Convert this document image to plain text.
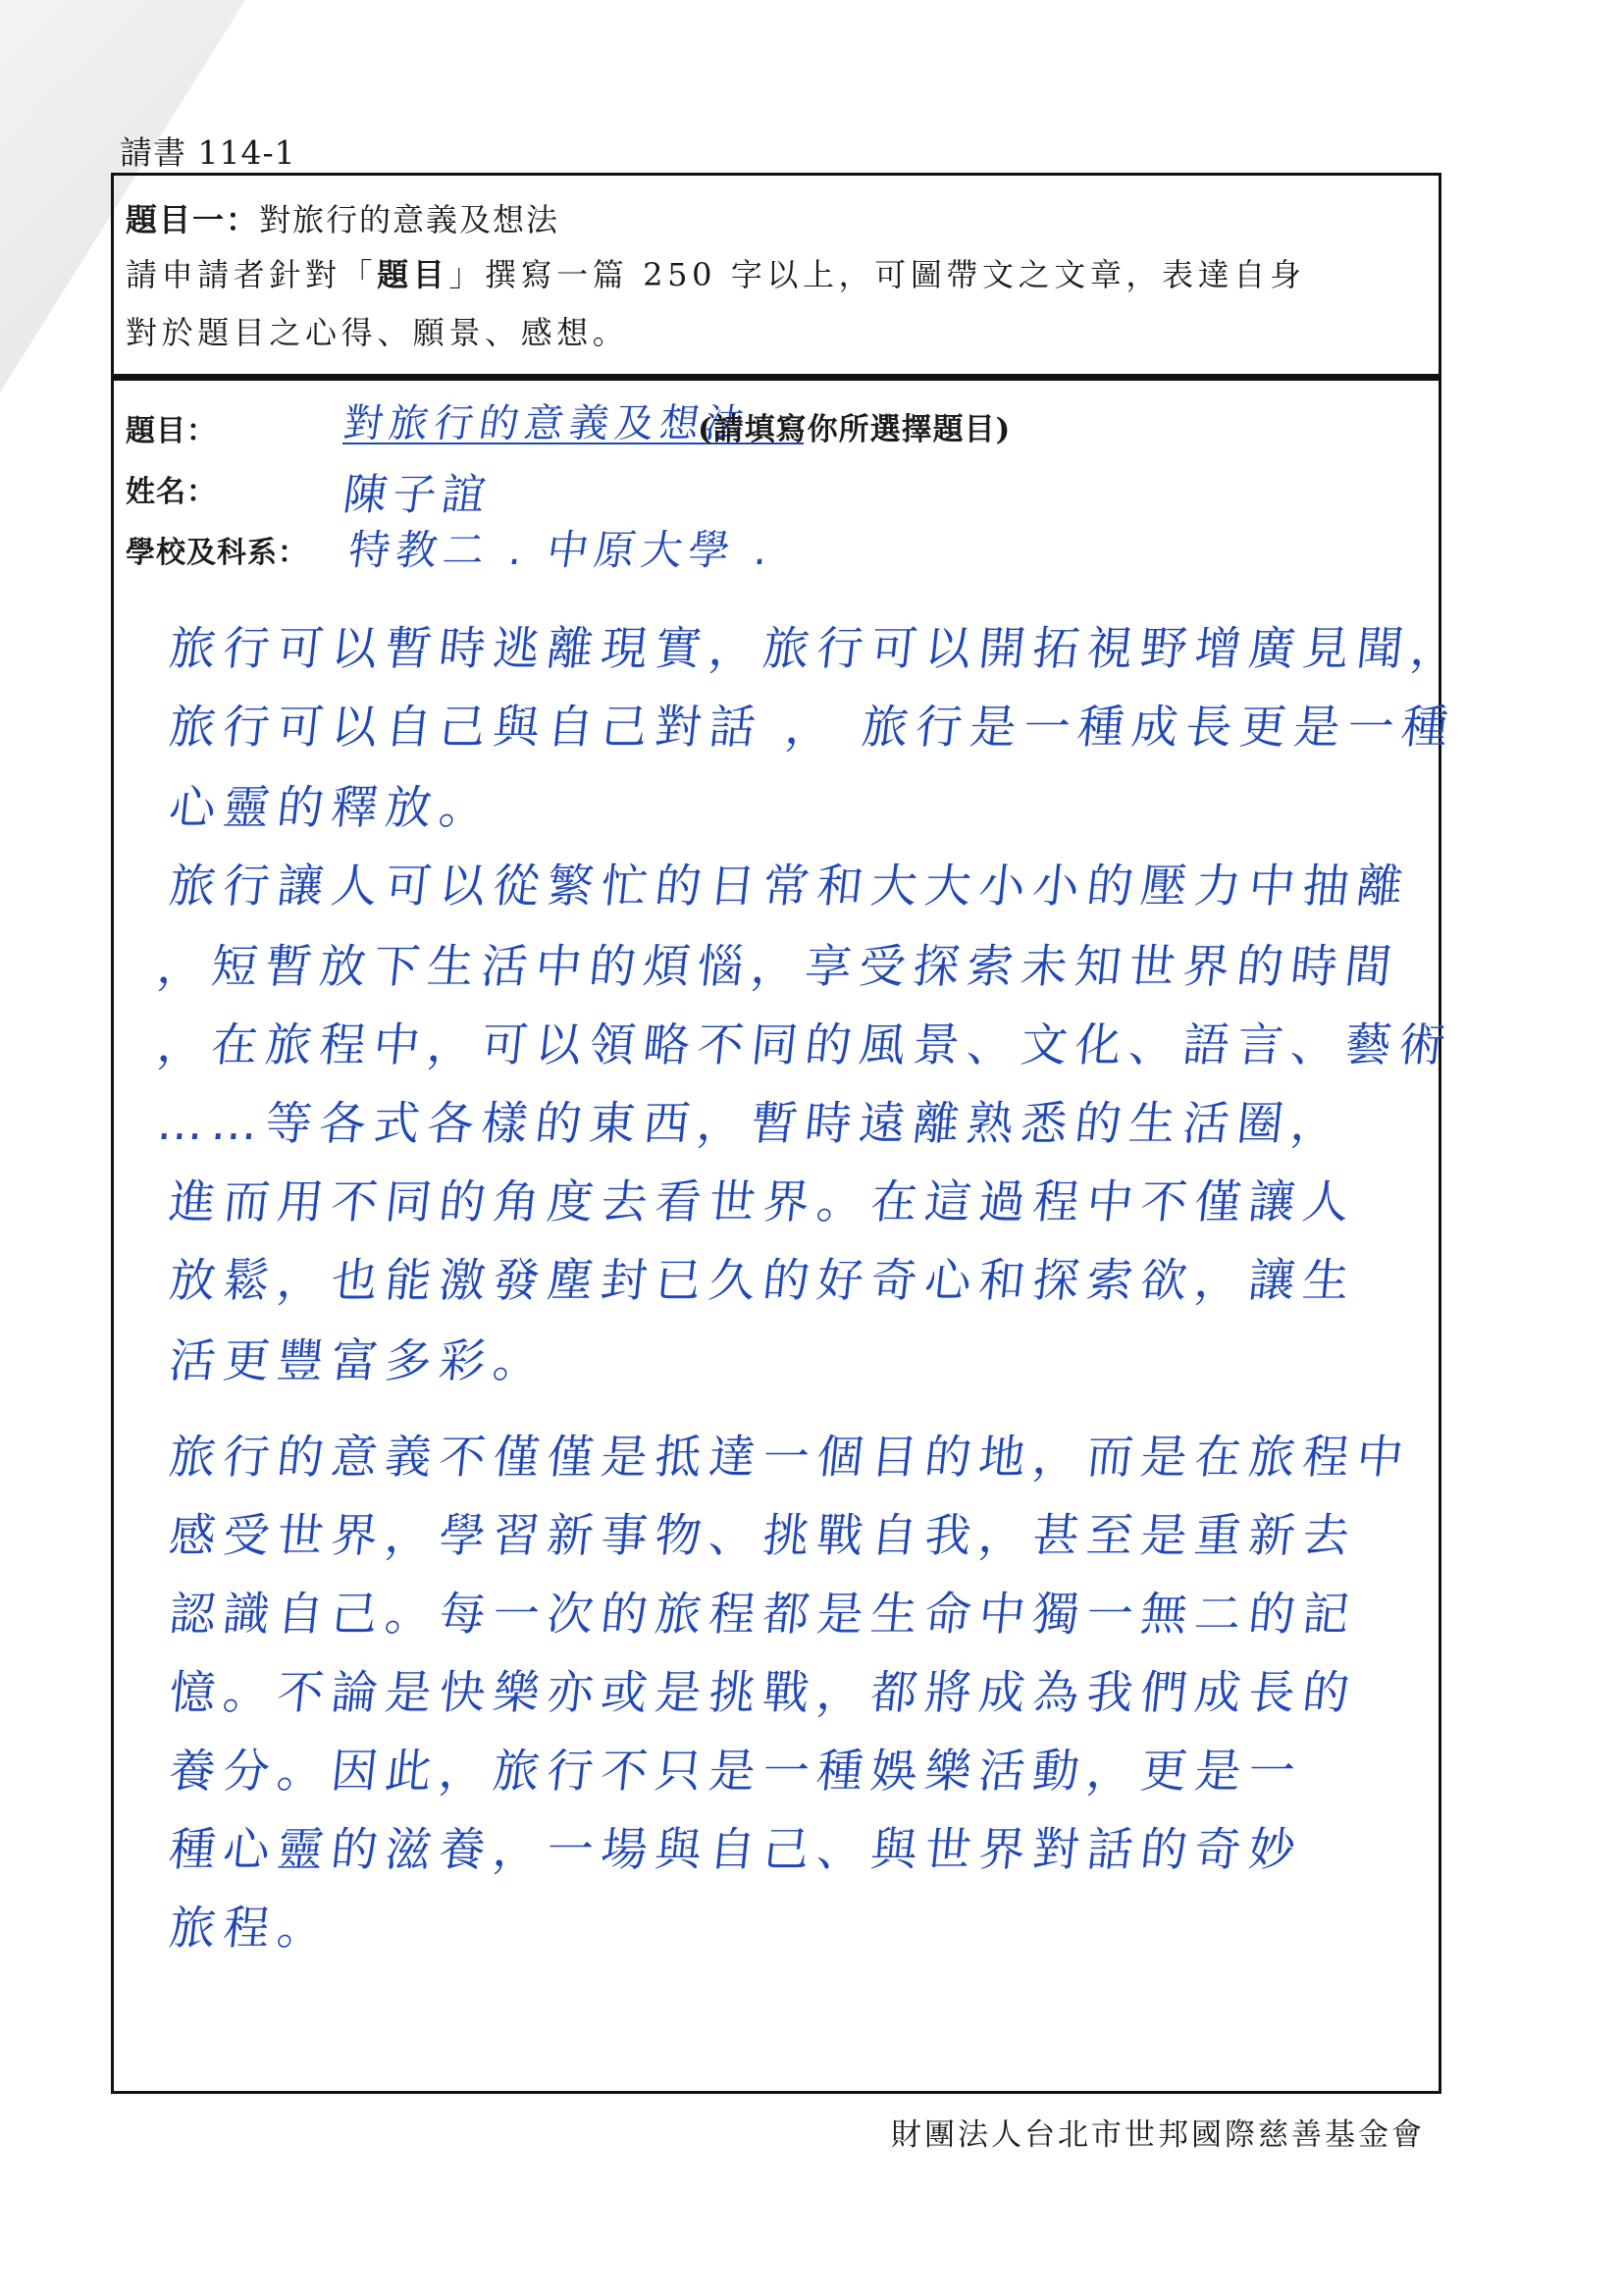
請書 114-1
題目一：對旅行的意義及想法
請申請者針對「題目」撰寫一篇 250 字以上，可圖帶文之文章，表達自身
對於題目之心得、願景、感想。
題目：	對旅行的意義及想法
(請填寫你所選擇題目)
姓名：	陳子誼
學校及科系： 特教二 . 中原大學 .
旅行可以暫時逃離現實，旅行可以開拓視野增廣見聞，
旅行可以自己與自己對話 ， 旅行是一種成長更是一種
心靈的釋放。
旅行讓人可以從繁忙的日常和大大小小的壓力中抽離
，短暫放下生活中的煩惱，享受探索未知世界的時間
，在旅程中，可以領略不同的風景、文化、語言、藝術
……等各式各樣的東西，暫時遠離熟悉的生活圈，
進而用不同的角度去看世界。在這過程中不僅讓人
放鬆，也能激發塵封已久的好奇心和探索欲，讓生
活更豐富多彩。
旅行的意義不僅僅是抵達一個目的地，而是在旅程中
感受世界，學習新事物、挑戰自我，甚至是重新去
認識自己。每一次的旅程都是生命中獨一無二的記
憶。不論是快樂亦或是挑戰，都將成為我們成長的
養分。因此，旅行不只是一種娛樂活動，更是一
種心靈的滋養，一場與自己、與世界對話的奇妙
旅程。
財團法人台北市世邦國際慈善基金會
